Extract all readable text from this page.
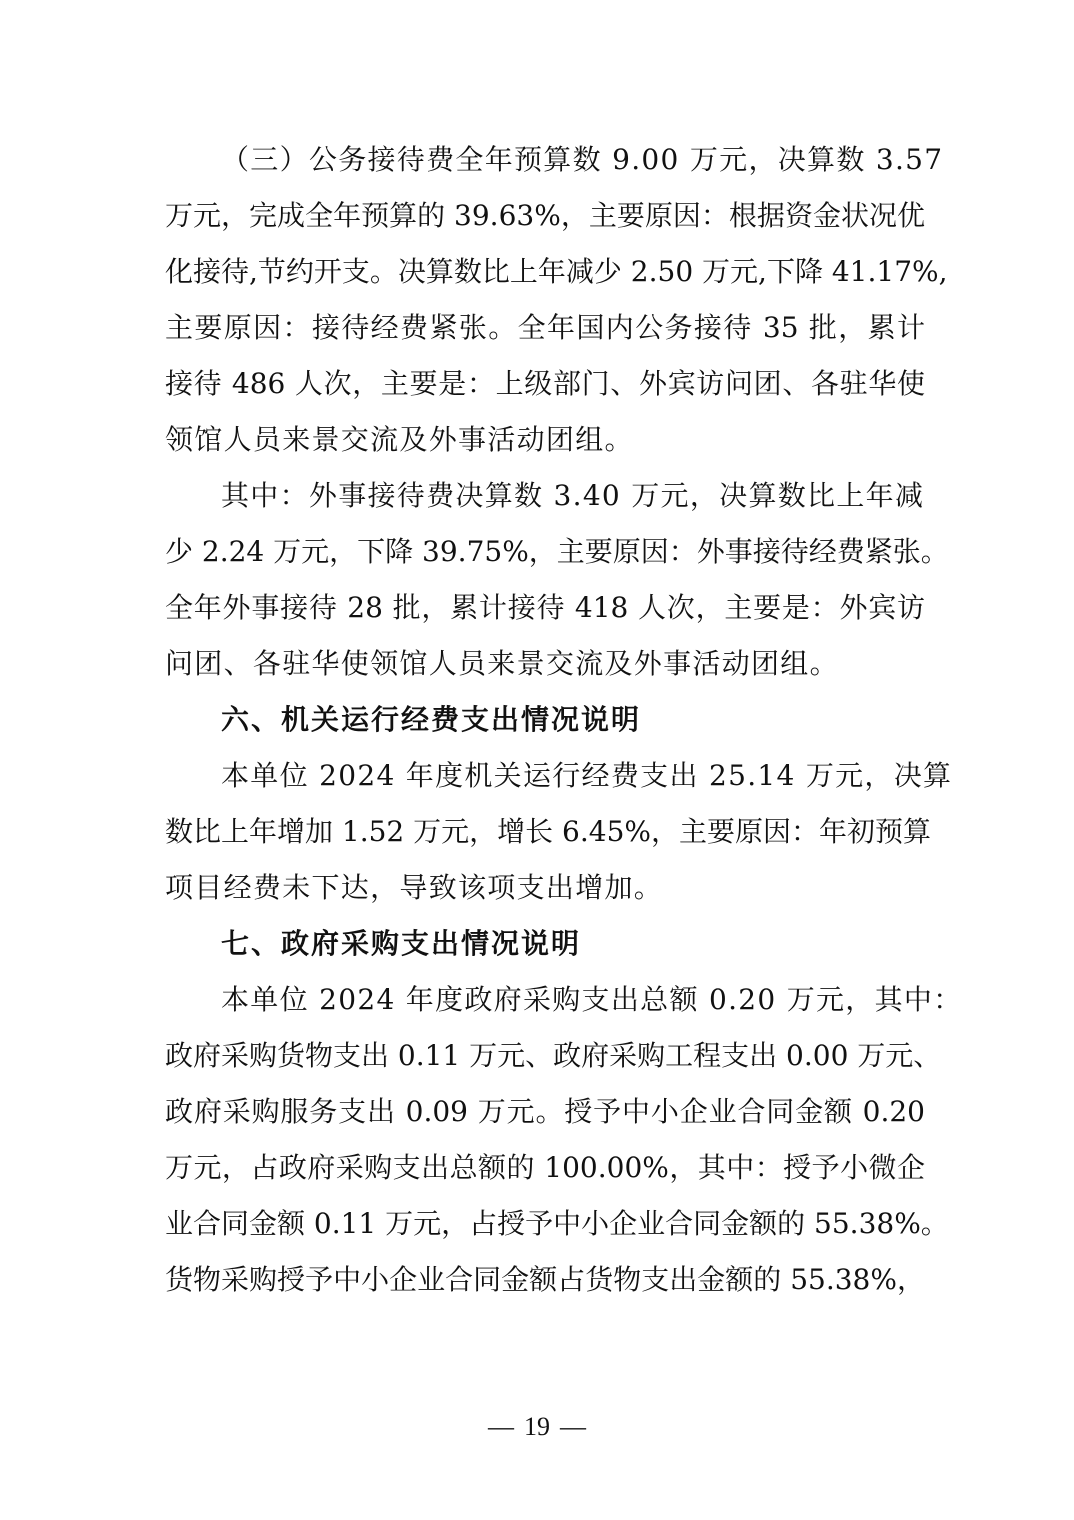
（三）公务接待费全年预算数 9.00 万元，决算数 3.57
万元，完成全年预算的 39.63%，主要原因：根据资金状况优
化接待,节约开支。决算数比上年减少 2.50 万元,下降 41.17%,
主要原因：接待经费紧张。全年国内公务接待 35 批，累计
接待 486 人次，主要是：上级部门、外宾访问团、各驻华使
领馆人员来景交流及外事活动团组。
其中：外事接待费决算数 3.40 万元，决算数比上年减
少 2.24 万元，下降 39.75%，主要原因：外事接待经费紧张。
全年外事接待 28 批，累计接待 418 人次，主要是：外宾访
问团、各驻华使领馆人员来景交流及外事活动团组。
六、机关运行经费支出情况说明
本单位 2024 年度机关运行经费支出 25.14 万元，决算
数比上年增加 1.52 万元，增长 6.45%，主要原因：年初预算
项目经费未下达，导致该项支出增加。
七、政府采购支出情况说明
本单位 2024 年度政府采购支出总额 0.20 万元，其中：
政府采购货物支出 0.11 万元、政府采购工程支出 0.00 万元、
政府采购服务支出 0.09 万元。授予中小企业合同金额 0.20
万元，占政府采购支出总额的 100.00%，其中：授予小微企
业合同金额 0.11 万元，占授予中小企业合同金额的 55.38%。
货物采购授予中小企业合同金额占货物支出金额的 55.38%，
— 19 —
